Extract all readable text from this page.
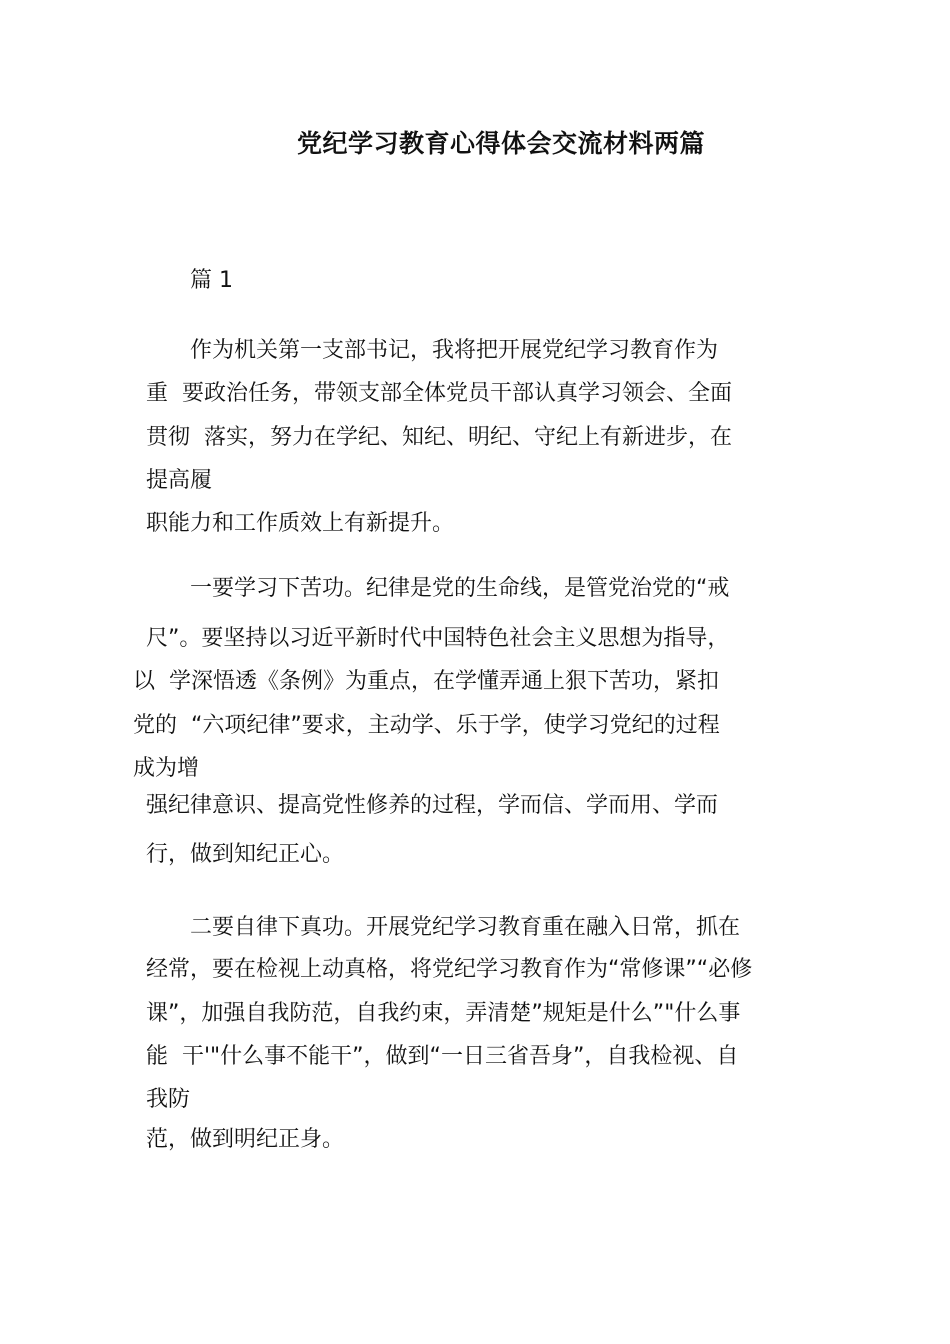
党纪学习教育心得体会交流材料两篇
篇 1
作为机关第一支部书记，我将把开展党纪学习教育作为
重  要政治任务，带领支部全体党员干部认真学习领会、全面
贯彻  落实，努力在学纪、知纪、明纪、守纪上有新进步，在
提高履
职能力和工作质效上有新提升。
一要学习下苦功。纪律是党的生命线，是管党治党的“戒
尺”。要坚持以习近平新时代中国特色社会主义思想为指导，
以  学深悟透《条例》为重点，在学懂弄通上狠下苦功，紧扣
党的  “六项纪律”要求，主动学、乐于学，使学习党纪的过程
成为增
强纪律意识、提高党性修养的过程，学而信、学而用、学而
行，做到知纪正心。
二要自律下真功。开展党纪学习教育重在融入日常，抓在
经常，要在检视上动真格，将党纪学习教育作为“常修课”“必修
课”，加强自我防范，自我约束，弄清楚”规矩是什么”"什么事
能  干'"什么事不能干”，做到“一日三省吾身”，自我检视、自
我防
范，做到明纪正身。
